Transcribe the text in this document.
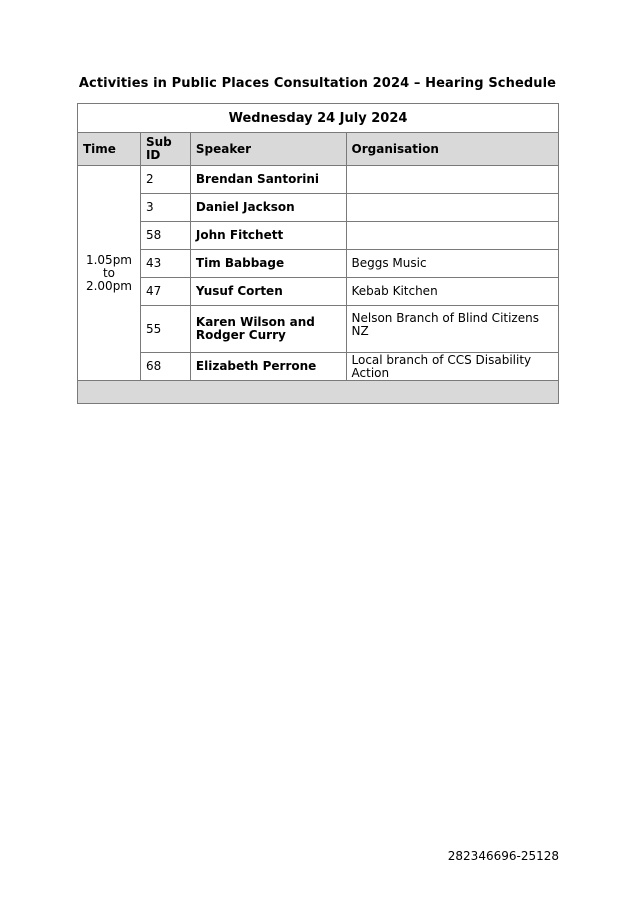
Activities in Public Places Consultation 2024 – Hearing Schedule
Wednesday 24 July 2024			
Time	Sub ID	Speaker	Organisation

1.05pm
to
2.00pm	2	Brendan Santorini	
	3	Daniel Jackson	
	58	John Fitchett	
	43	Tim Babbage	Beggs Music
	47	Yusuf Corten	Kebab Kitchen
	55	Karen Wilson and Rodger Curry	Nelson Branch of Blind Citizens NZ
	68	Elizabeth Perrone	Local branch of CCS Disability Action

282346696-25128
